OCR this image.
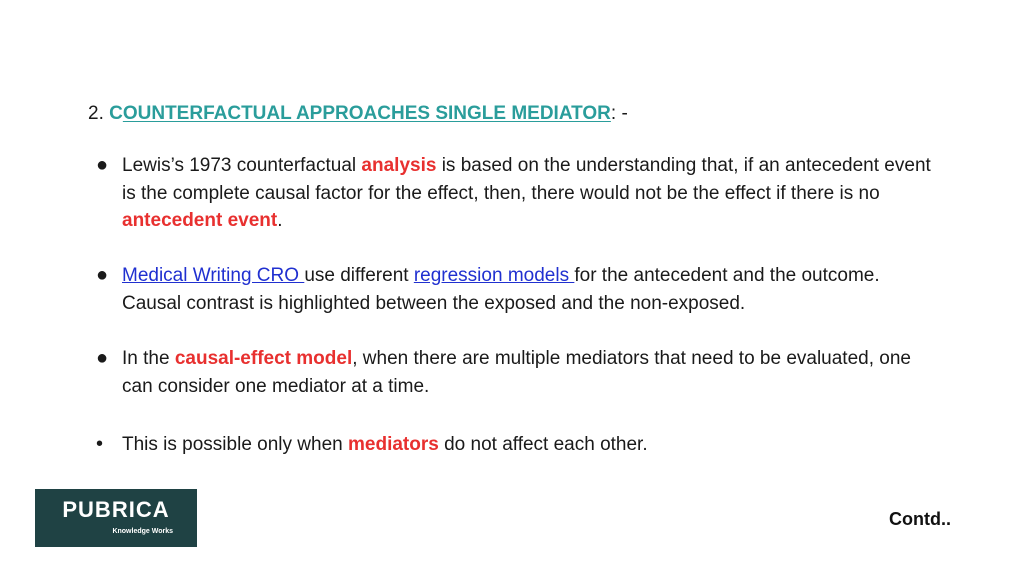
2. COUNTERFACTUAL APPROACHES SINGLE MEDIATOR: -
● Lewis’s 1973 counterfactual analysis is based on the understanding that, if an antecedent event is the complete causal factor for the effect, then, there would not be the effect if there is no antecedent event.
● Medical Writing CRO use different regression models for the antecedent and the outcome. Causal contrast is highlighted between the exposed and the non-exposed.
● In the causal-effect model, when there are multiple mediators that need to be evaluated, one can consider one mediator at a time.
• This is possible only when mediators do not affect each other.
PUBRICA
Knowledge Works
Contd..
